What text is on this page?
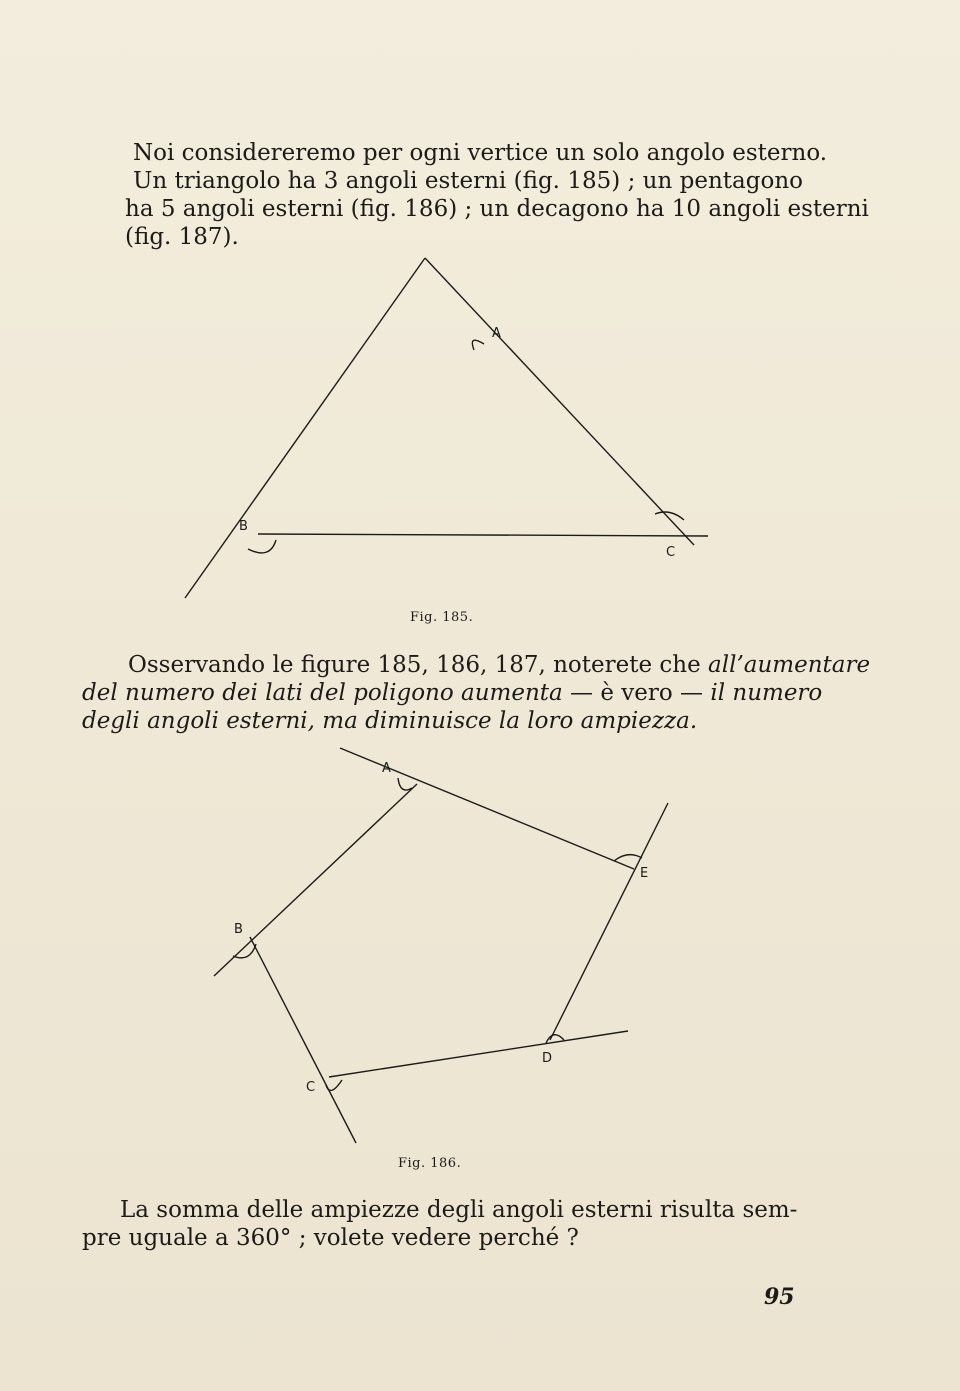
Noi considereremo per ogni vertice un solo angolo esterno.
Un triangolo ha 3 angoli esterni (fig. 185) ; un pentagono
ha 5 angoli esterni (fig. 186) ; un decagono ha 10 angoli esterni
(fig. 187).

A
B
C
Fig. 185.

Osservando le figure 185, 186, 187, noterete che all’aumentare
del numero dei lati del poligono aumenta — è vero — il numero
degli angoli esterni, ma diminuisce la loro ampiezza.

A
E
B
D
C
Fig. 186.

La somma delle ampiezze degli angoli esterni risulta sem-
pre uguale a 360° ; volete vedere perché ?

95
